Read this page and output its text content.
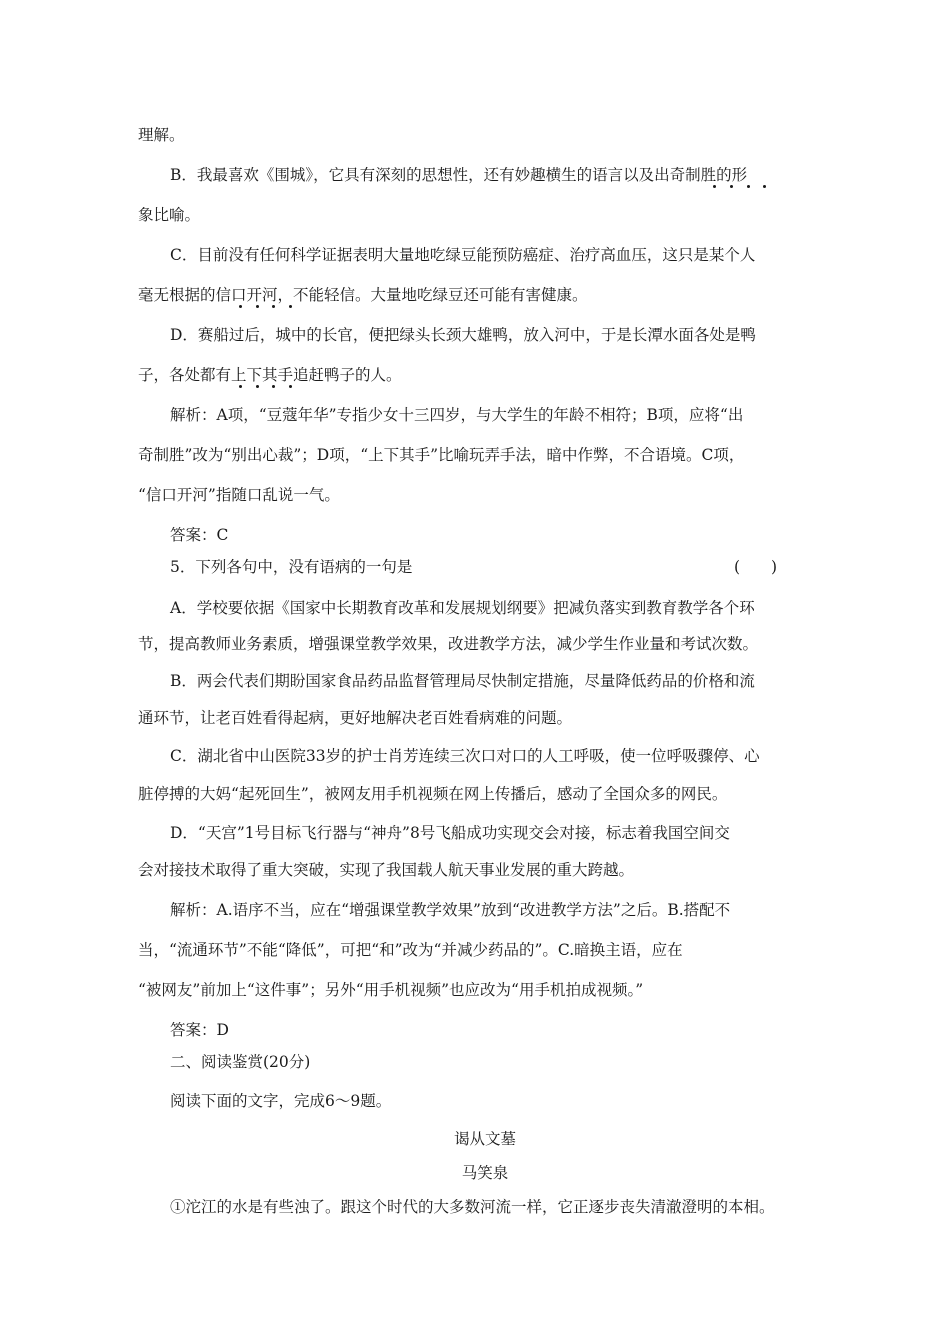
理解。

B．我最喜欢《围城》，它具有深刻的思想性，还有妙趣横生的语言以及出奇制胜的形

象比喻。

C．目前没有任何科学证据表明大量地吃绿豆能预防癌症、治疗高血压，这只是某个人

毫无根据的信口开河，不能轻信。大量地吃绿豆还可能有害健康。

D．赛船过后，城中的长官，便把绿头长颈大雄鸭，放入河中，于是长潭水面各处是鸭

子，各处都有上下其手追赶鸭子的人。

解析：A项，“豆蔻年华”专指少女十三四岁，与大学生的年龄不相符；B项，应将“出

奇制胜”改为“别出心裁”；D项，“上下其手”比喻玩弄手法，暗中作弊，不合语境。C项，

“信口开河”指随口乱说一气。

答案：C

5．下列各句中，没有语病的一句是	(　　)

A．学校要依据《国家中长期教育改革和发展规划纲要》把减负落实到教育教学各个环

节，提高教师业务素质，增强课堂教学效果，改进教学方法，减少学生作业量和考试次数。

B．两会代表们期盼国家食品药品监督管理局尽快制定措施，尽量降低药品的价格和流

通环节，让老百姓看得起病，更好地解决老百姓看病难的问题。

C．湖北省中山医院33岁的护士肖芳连续三次口对口的人工呼吸，使一位呼吸骤停、心

脏停搏的大妈“起死回生”，被网友用手机视频在网上传播后，感动了全国众多的网民。

D．“天宫”1号目标飞行器与“神舟”8号飞船成功实现交会对接，标志着我国空间交

会对接技术取得了重大突破，实现了我国载人航天事业发展的重大跨越。

解析：A.语序不当，应在“增强课堂教学效果”放到“改进教学方法”之后。B.搭配不

当，“流通环节”不能“降低”，可把“和”改为“并减少药品的”。C.暗换主语，应在

“被网友”前加上“这件事”；另外“用手机视频”也应改为“用手机拍成视频。”

答案：D

二、阅读鉴赏(20分)

阅读下面的文字，完成6～9题。

谒从文墓

马笑泉

①沱江的水是有些浊了。跟这个时代的大多数河流一样，它正逐步丧失清澈澄明的本相。
